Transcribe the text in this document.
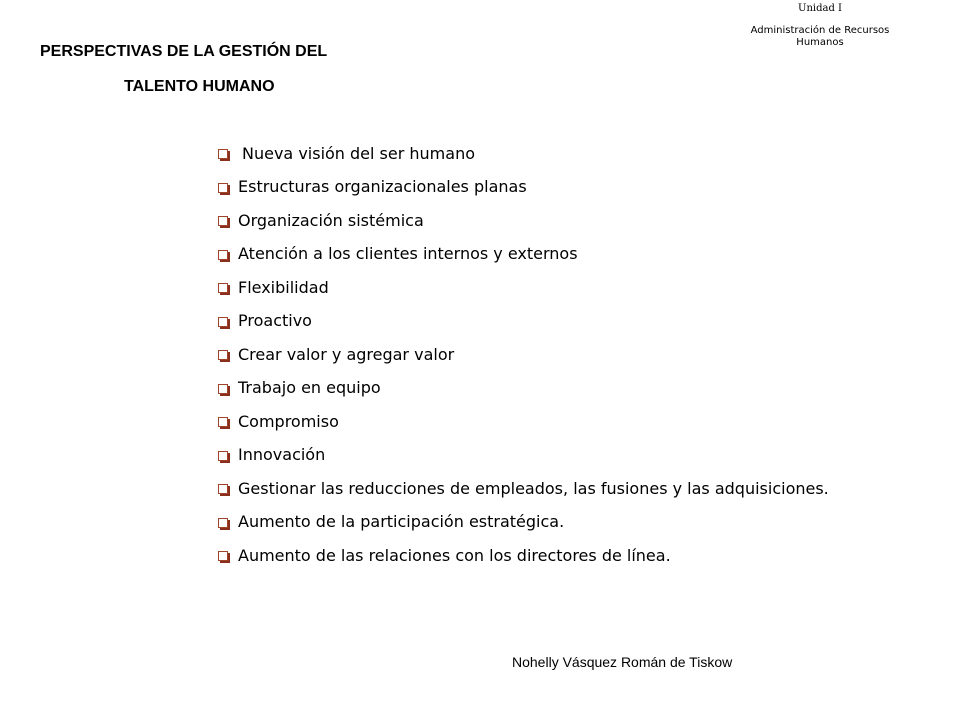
Unidad I
Administración de Recursos Humanos
PERSPECTIVAS DE LA GESTIÓN DEL
TALENTO HUMANO
Nueva visión del ser humano
Estructuras organizacionales planas
Organización sistémica
Atención a los clientes internos y externos
Flexibilidad
Proactivo
Crear valor y agregar valor
Trabajo en equipo
Compromiso
Innovación
Gestionar las reducciones de empleados, las fusiones y las adquisiciones.
Aumento de la participación estratégica.
Aumento de las relaciones con los directores de línea.
Nohelly Vásquez Román de Tiskow
